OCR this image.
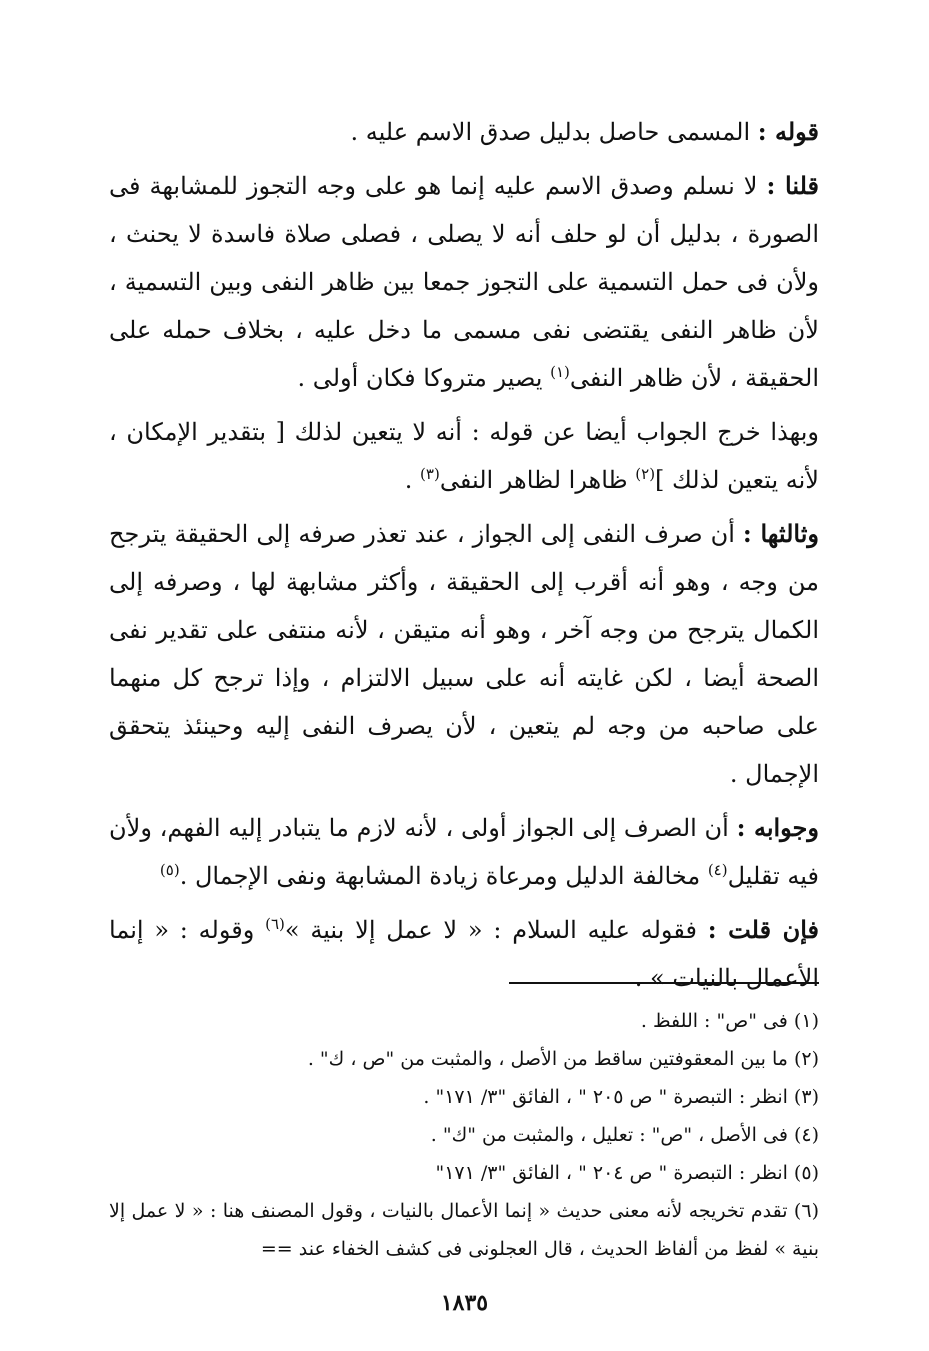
قوله : المسمى حاصل بدليل صدق الاسم عليه .

قلنا : لا نسلم وصدق الاسم عليه إنما هو على وجه التجوز للمشابهة فى الصورة ، بدليل أن لو حلف أنه لا يصلى ، فصلى صلاة فاسدة لا يحنث ، ولأن فى حمل التسمية على التجوز جمعا بين ظاهر النفى وبين التسمية ، لأن ظاهر النفى يقتضى نفى مسمى ما دخل عليه ، بخلاف حمله على الحقيقة ، لأن ظاهر النفى$^{(١)}$ يصير متروكا فكان أولى .

وبهذا خرج الجواب أيضا عن قوله : أنه لا يتعين لذلك [ بتقدير الإمكان ، لأنه يتعين لذلك ]$^{(٢)}$ ظاهرا لظاهر النفى$^{(٣)}$ .

وثالثها : أن صرف النفى إلى الجواز ، عند تعذر صرفه إلى الحقيقة يترجح من وجه ، وهو أنه أقرب إلى الحقيقة ، وأكثر مشابهة لها ، وصرفه إلى الكمال يترجح من وجه آخر ، وهو أنه متيقن ، لأنه منتفى على تقدير نفى الصحة أيضا ، لكن غايته أنه على سبيل الالتزام ، وإذا ترجح كل منهما على صاحبه من وجه لم يتعين ، لأن يصرف النفى إليه وحينئذ يتحقق الإجمال .

وجوابه : أن الصرف إلى الجواز أولى ، لأنه لازم ما يتبادر إليه الفهم، ولأن فيه تقليل$^{(٤)}$ مخالفة الدليل ومرعاة زيادة المشابهة ونفى الإجمال .$^{(٥)}$

فإن قلت : فقوله عليه السلام : « لا عمل إلا بنية »$^{(٦)}$ وقوله : « إنما الأعمال بالنيات » .

(١) فى "ص" : اللفظ .

(٢) ما بين المعقوفتين ساقط من الأصل ، والمثبت من "ص ، ك" .

(٣) انظر : التبصرة " ص ٢٠٥ " ، الفائق "٣/ ١٧١" .

(٤) فى الأصل ، "ص" : تعليل ، والمثبت من "ك" .

(٥) انظر : التبصرة " ص ٢٠٤ " ، الفائق "٣/ ١٧١"

(٦) تقدم تخريجه لأنه معنى حديث « إنما الأعمال بالنيات ، وقول المصنف هنا : « لا عمل إلا بنية » لفظ من ألفاظ الحديث ، قال العجلونى فى كشف الخفاء عند ==

١٨٣٥
